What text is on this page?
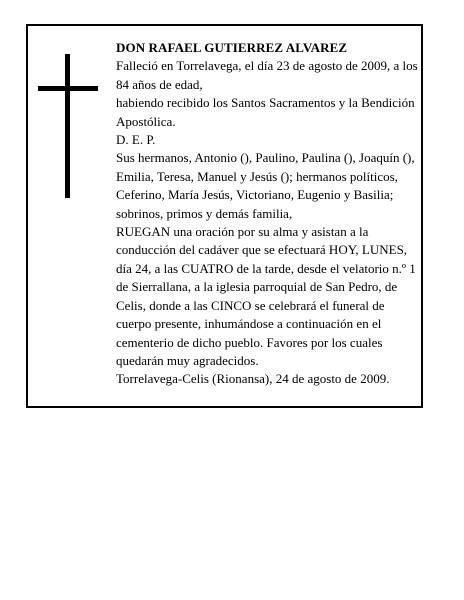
DON RAFAEL GUTIERREZ ALVAREZ

Falleció en Torrelavega, el día 23 de agosto de 2009, a los 84 años de edad,

habiendo recibido los Santos Sacramentos y la Bendición Apostólica.

D. E. P.

Sus hermanos, Antonio (), Paulino, Paulina (), Joaquín (), Emilia, Teresa, Manuel y Jesús (); hermanos políticos, Ceferino, María Jesús, Victoriano, Eugenio y Basilia; sobrinos, primos y demás familia,

RUEGAN una oración por su alma y asistan a la conducción del cadáver que se efectuará HOY, LUNES, día 24, a las CUATRO de la tarde, desde el velatorio n.º 1 de Sierrallana, a la iglesia parroquial de San Pedro, de Celis, donde a las CINCO se celebrará el funeral de cuerpo presente, inhumándose a continuación en el cementerio de dicho pueblo. Favores por los cuales quedarán muy agradecidos.

Torrelavega-Celis (Rionansa), 24 de agosto de 2009.
